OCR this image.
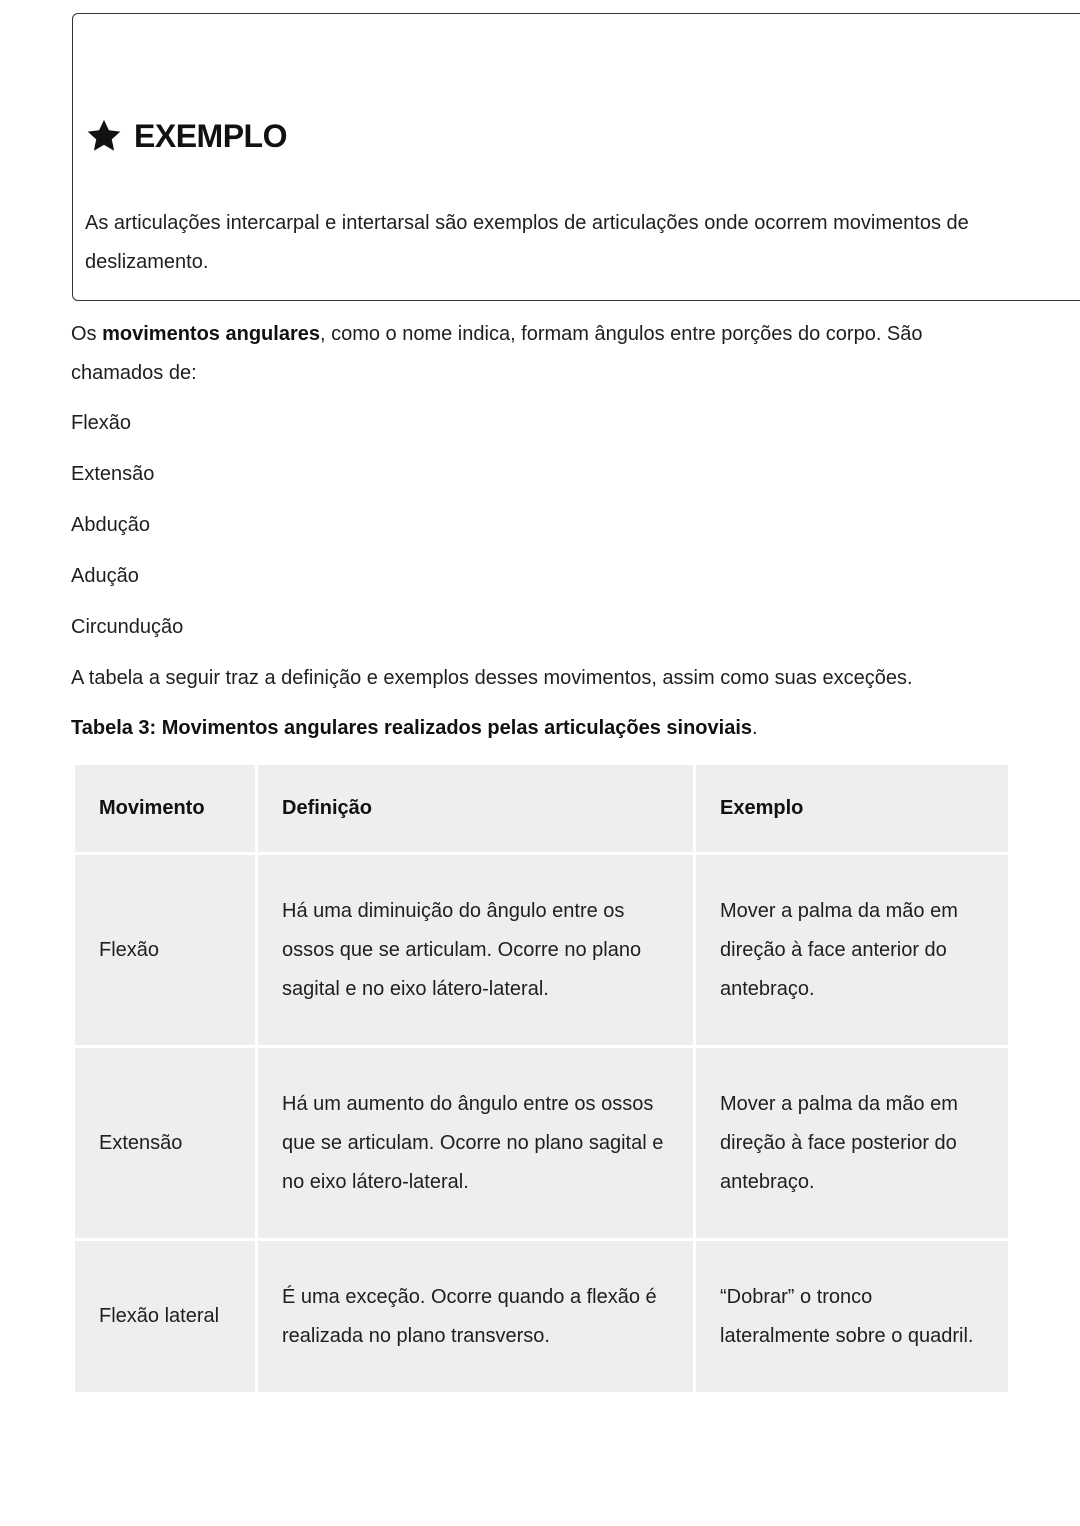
EXEMPLO
As articulações intercarpal e intertarsal são exemplos de articulações onde ocorrem movimentos de deslizamento.
Os movimentos angulares, como o nome indica, formam ângulos entre porções do corpo. São chamados de:
Flexão
Extensão
Abdução
Adução
Circundução
A tabela a seguir traz a definição e exemplos desses movimentos, assim como suas exceções.
Tabela 3: Movimentos angulares realizados pelas articulações sinoviais.
Movimento	Definição	Exemplo
Flexão	Há uma diminuição do ângulo entre os ossos que se articulam. Ocorre no plano sagital e no eixo látero-lateral.	Mover a palma da mão em direção à face anterior do antebraço.
Extensão	Há um aumento do ângulo entre os ossos que se articulam. Ocorre no plano sagital e no eixo látero-lateral.	Mover a palma da mão em direção à face posterior do antebraço.
Flexão lateral	É uma exceção. Ocorre quando a flexão é realizada no plano transverso.	“Dobrar” o tronco lateralmente sobre o quadril.
